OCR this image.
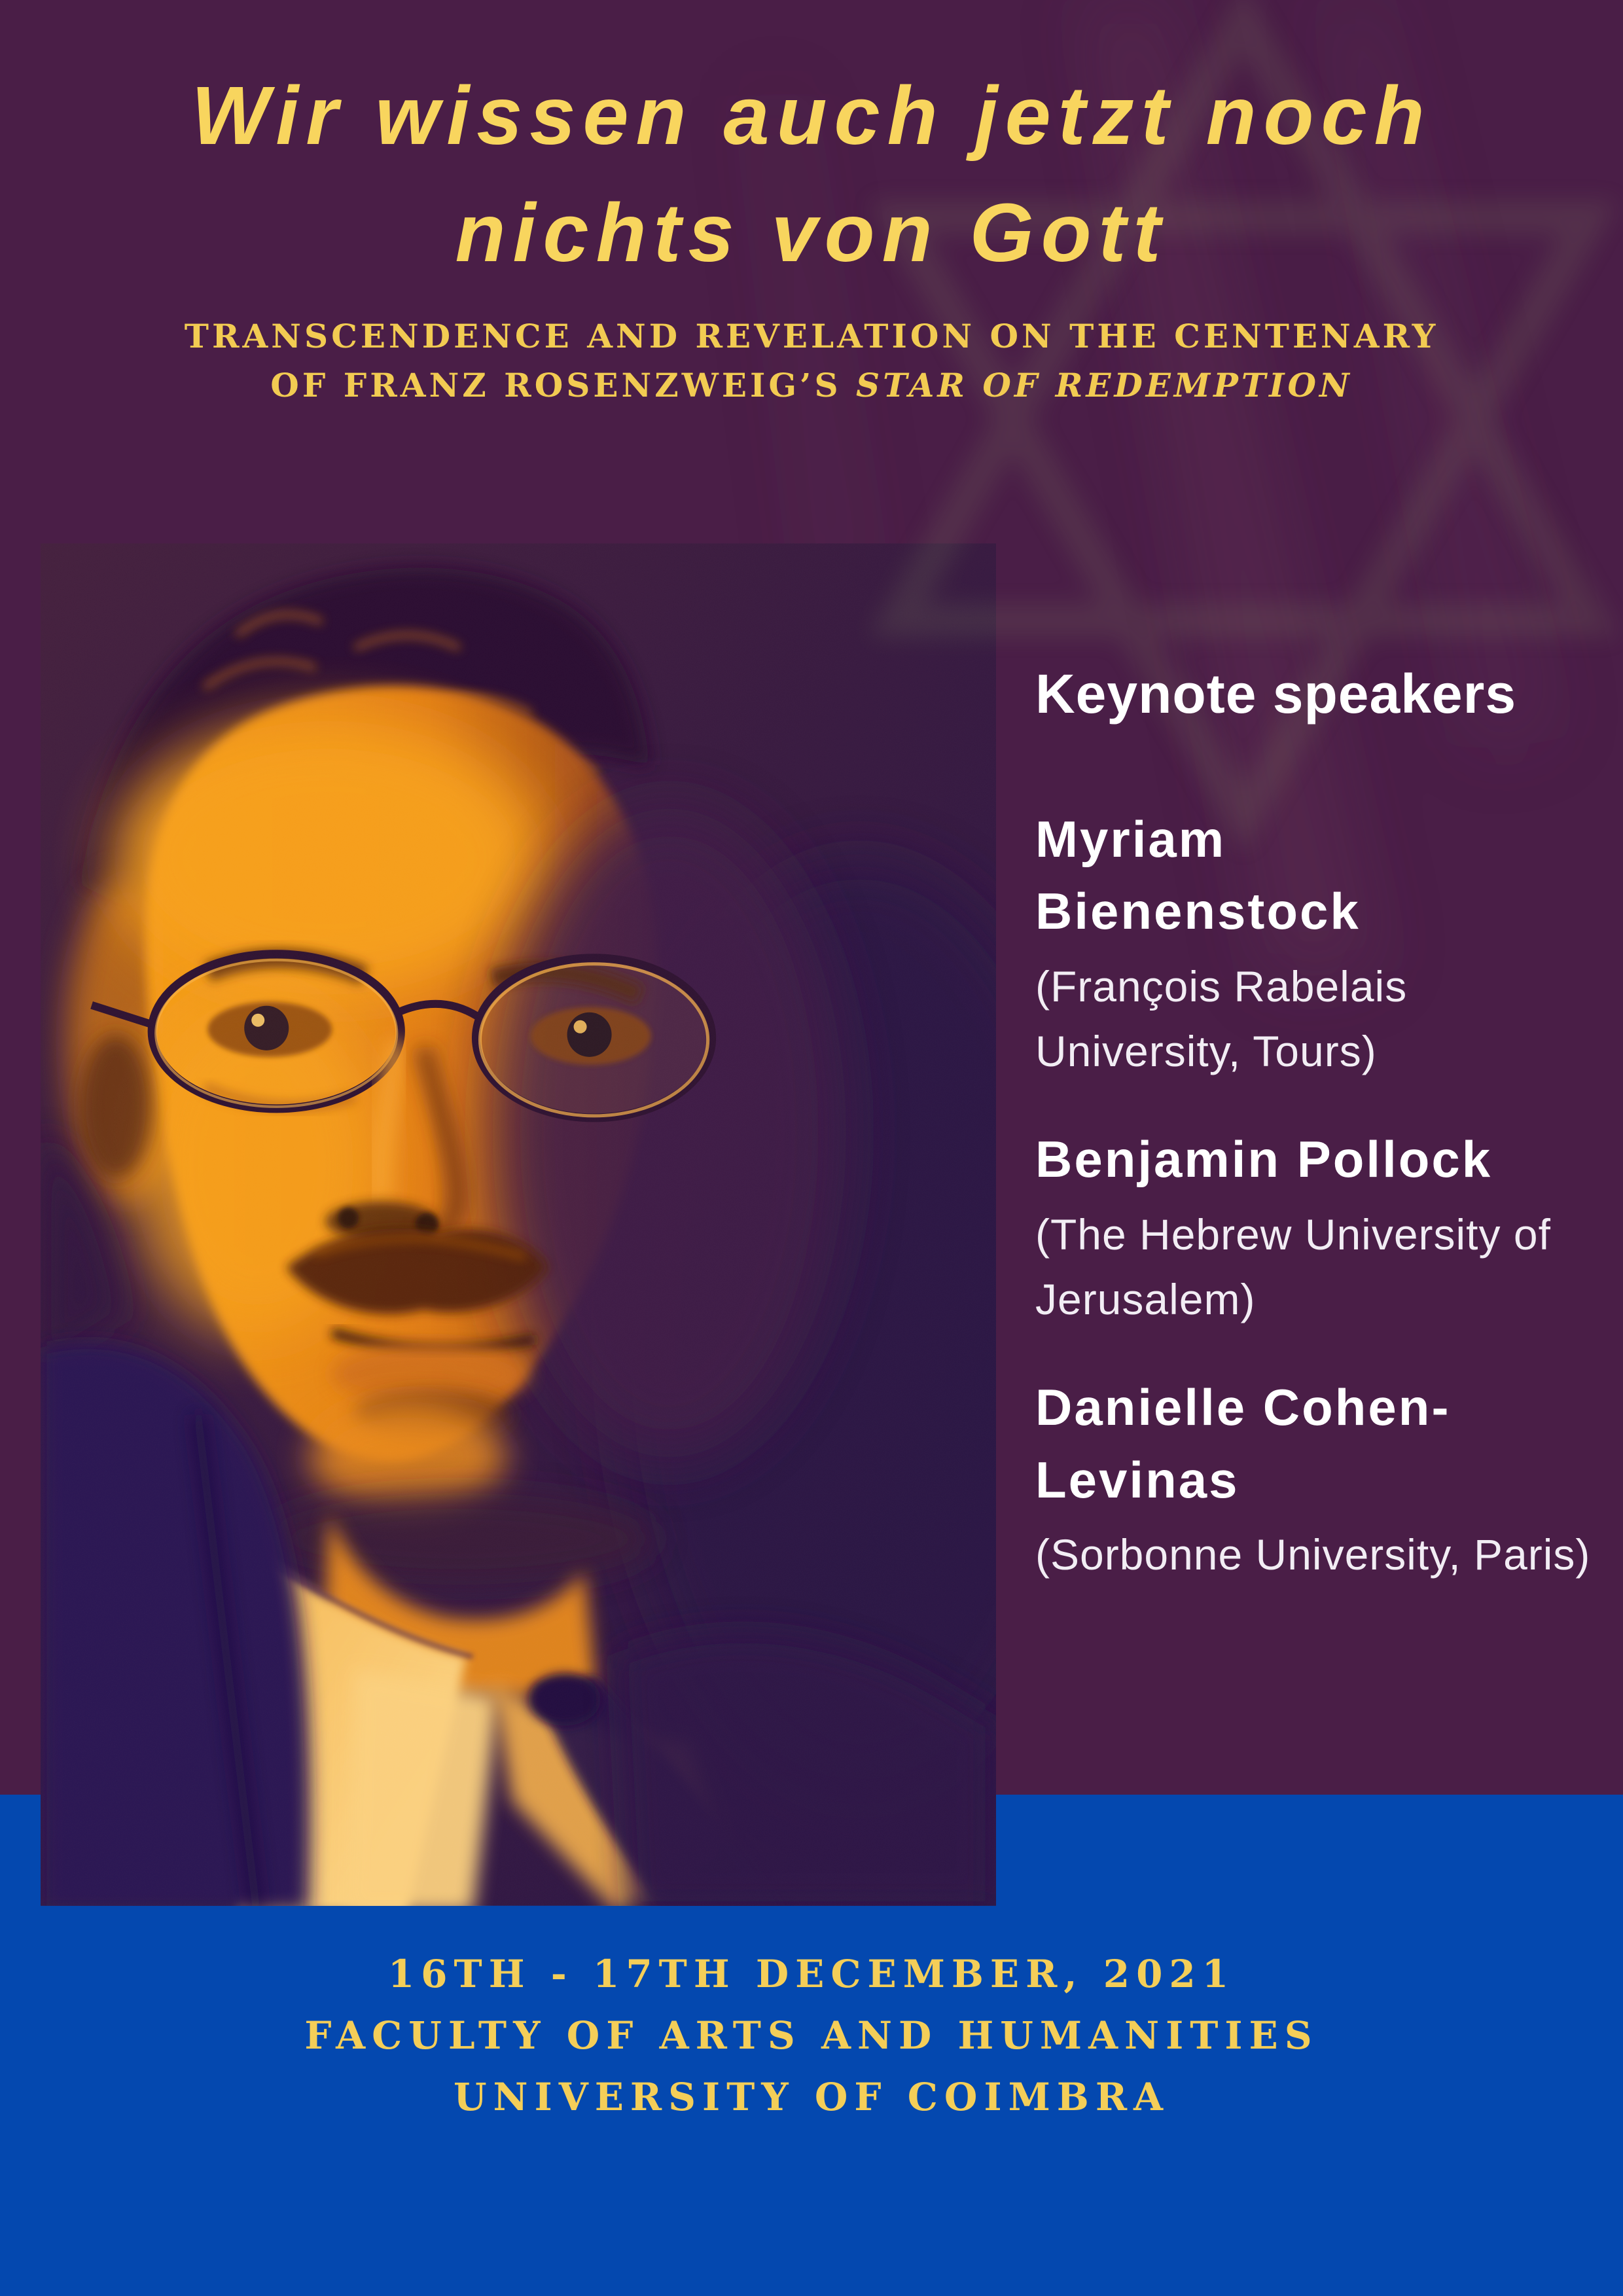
16TH - 17TH DECEMBER, 2021
FACULTY OF ARTS AND HUMANITIES
UNIVERSITY OF COIMBRA
Wir wissen auch jetzt noch
nichts von Gott
TRANSCENDENCE AND REVELATION ON THE CENTENARY
OF FRANZ ROSENZWEIG’S STAR OF REDEMPTION
Keynote speakers
Myriam Bienenstock
(François Rabelais University, Tours)
Benjamin Pollock
(The Hebrew University of Jerusalem)
Danielle Cohen-Levinas
(Sorbonne University, Paris)
